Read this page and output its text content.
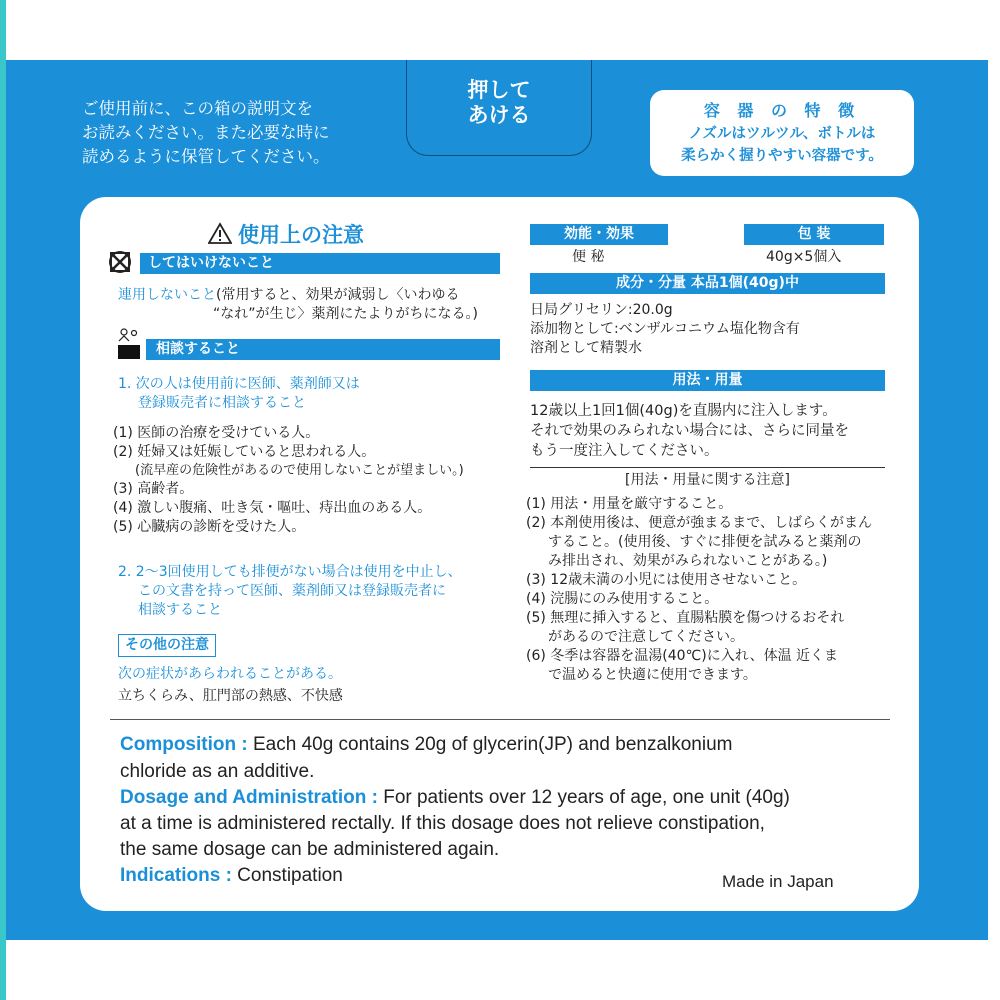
ご使用前に、この箱の説明文を
お読みください。また必要な時に
読めるように保管してください。
押して
あける	容 器 の 特 徴
ノズルはツルツル、ボトルは
柔らかく握りやすい容器です。
使用上の注意
してはいけないこと
連用しないこと(常用すると、効果が減弱し〈いわゆる
“なれ”が生じ〉薬剤にたよりがちになる。)
相談すること
1. 次の人は使用前に医師、薬剤師又は
登録販売者に相談すること
(1) 医師の治療を受けている人。
(2) 妊婦又は妊娠していると思われる人。
(流早産の危険性があるので使用しないことが望ましい。)
(3) 高齢者。
(4) 激しい腹痛、吐き気・嘔吐、痔出血のある人。
(5) 心臓病の診断を受けた人。
2. 2〜3回使用しても排便がない場合は使用を中止し、
この文書を持って医師、薬剤師又は登録販売者に
相談すること
その他の注意
次の症状があらわれることがある。
立ちくらみ、肛門部の熱感、不快感
効能・効果	包 装
便 秘	40g×5個入
成分・分量 本品1個(40g)中
日局グリセリン:20.0g
添加物として:ベンザルコニウム塩化物含有
溶剤として精製水
用法・用量
12歳以上1回1個(40g)を直腸内に注入します。
それで効果のみられない場合には、さらに同量を
もう一度注入してください。
[用法・用量に関する注意]
(1) 用法・用量を厳守すること。
(2) 本剤使用後は、便意が強まるまで、しばらくがまん
すること。(使用後、すぐに排便を試みると薬剤の
み排出され、効果がみられないことがある。)
(3) 12歳未満の小児には使用させないこと。
(4) 浣腸にのみ使用すること。
(5) 無理に挿入すると、直腸粘膜を傷つけるおそれ
があるので注意してください。
(6) 冬季は容器を温湯(40℃)に入れ、体温 近くま
で温めると快適に使用できます。
Composition : Each 40g contains 20g of glycerin(JP) and benzalkonium
chloride as an additive.
Dosage and Administration : For patients over 12 years of age, one unit (40g)
at a time is administered rectally. If this dosage does not relieve constipation,
the same dosage can be administered again.
Indications : Constipation	Made in Japan
